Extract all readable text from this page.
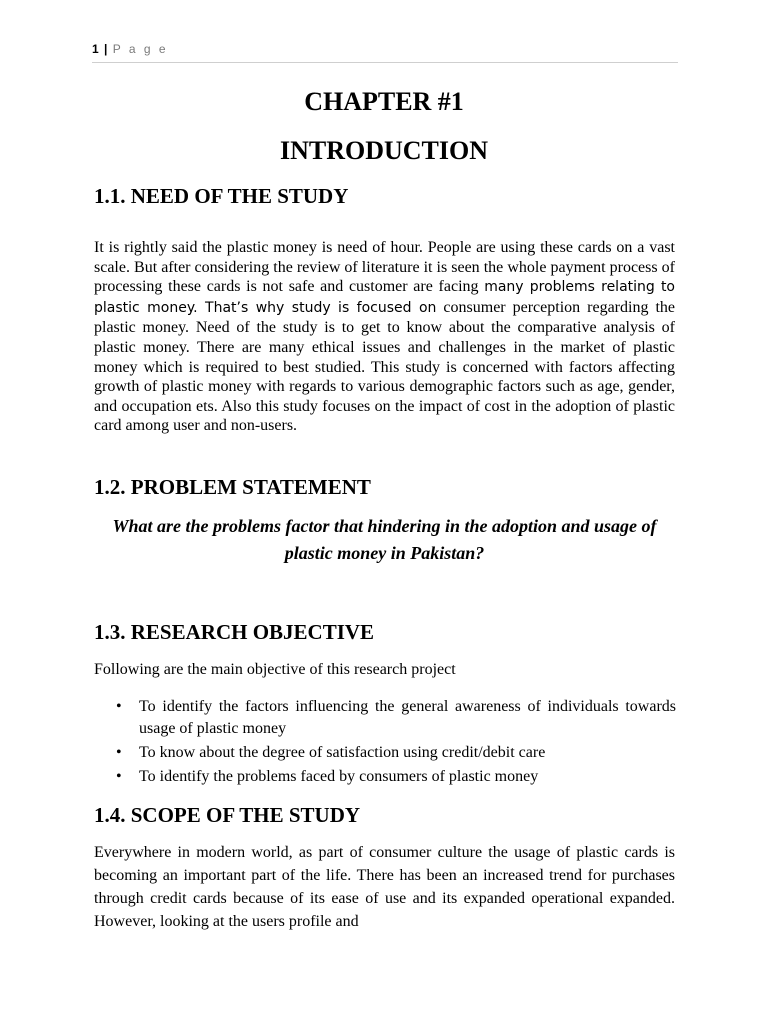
1 | P a g e
CHAPTER #1
INTRODUCTION
1.1. NEED OF THE STUDY

It is rightly said the plastic money is need of hour. People are using these cards on a vast scale. But after considering the review of literature it is seen the whole payment process of processing these cards is not safe and customer are facing many problems relating to plastic money. That’s why study is focused on consumer perception regarding the plastic money. Need of the study is to get to know about the comparative analysis of plastic money. There are many ethical issues and challenges in the market of plastic money which is required to best studied. This study is concerned with factors affecting growth of plastic money with regards to various demographic factors such as age, gender, and occupation ets. Also this study focuses on the impact of cost in the adoption of plastic card among user and non-users.

1.2. PROBLEM STATEMENT

What are the problems factor that hindering in the adoption and usage of plastic money in Pakistan?

1.3. RESEARCH OBJECTIVE

Following are the main objective of this research project

• To identify the factors influencing the general awareness of individuals towards usage of plastic money
• To know about the degree of satisfaction using credit/debit care
• To identify the problems faced by consumers of plastic money
1.4. SCOPE OF THE STUDY

Everywhere in modern world, as part of consumer culture the usage of plastic cards is becoming an important part of the life. There has been an increased trend for purchases through credit cards because of its ease of use and its expanded operational expanded. However, looking at the users profile and
